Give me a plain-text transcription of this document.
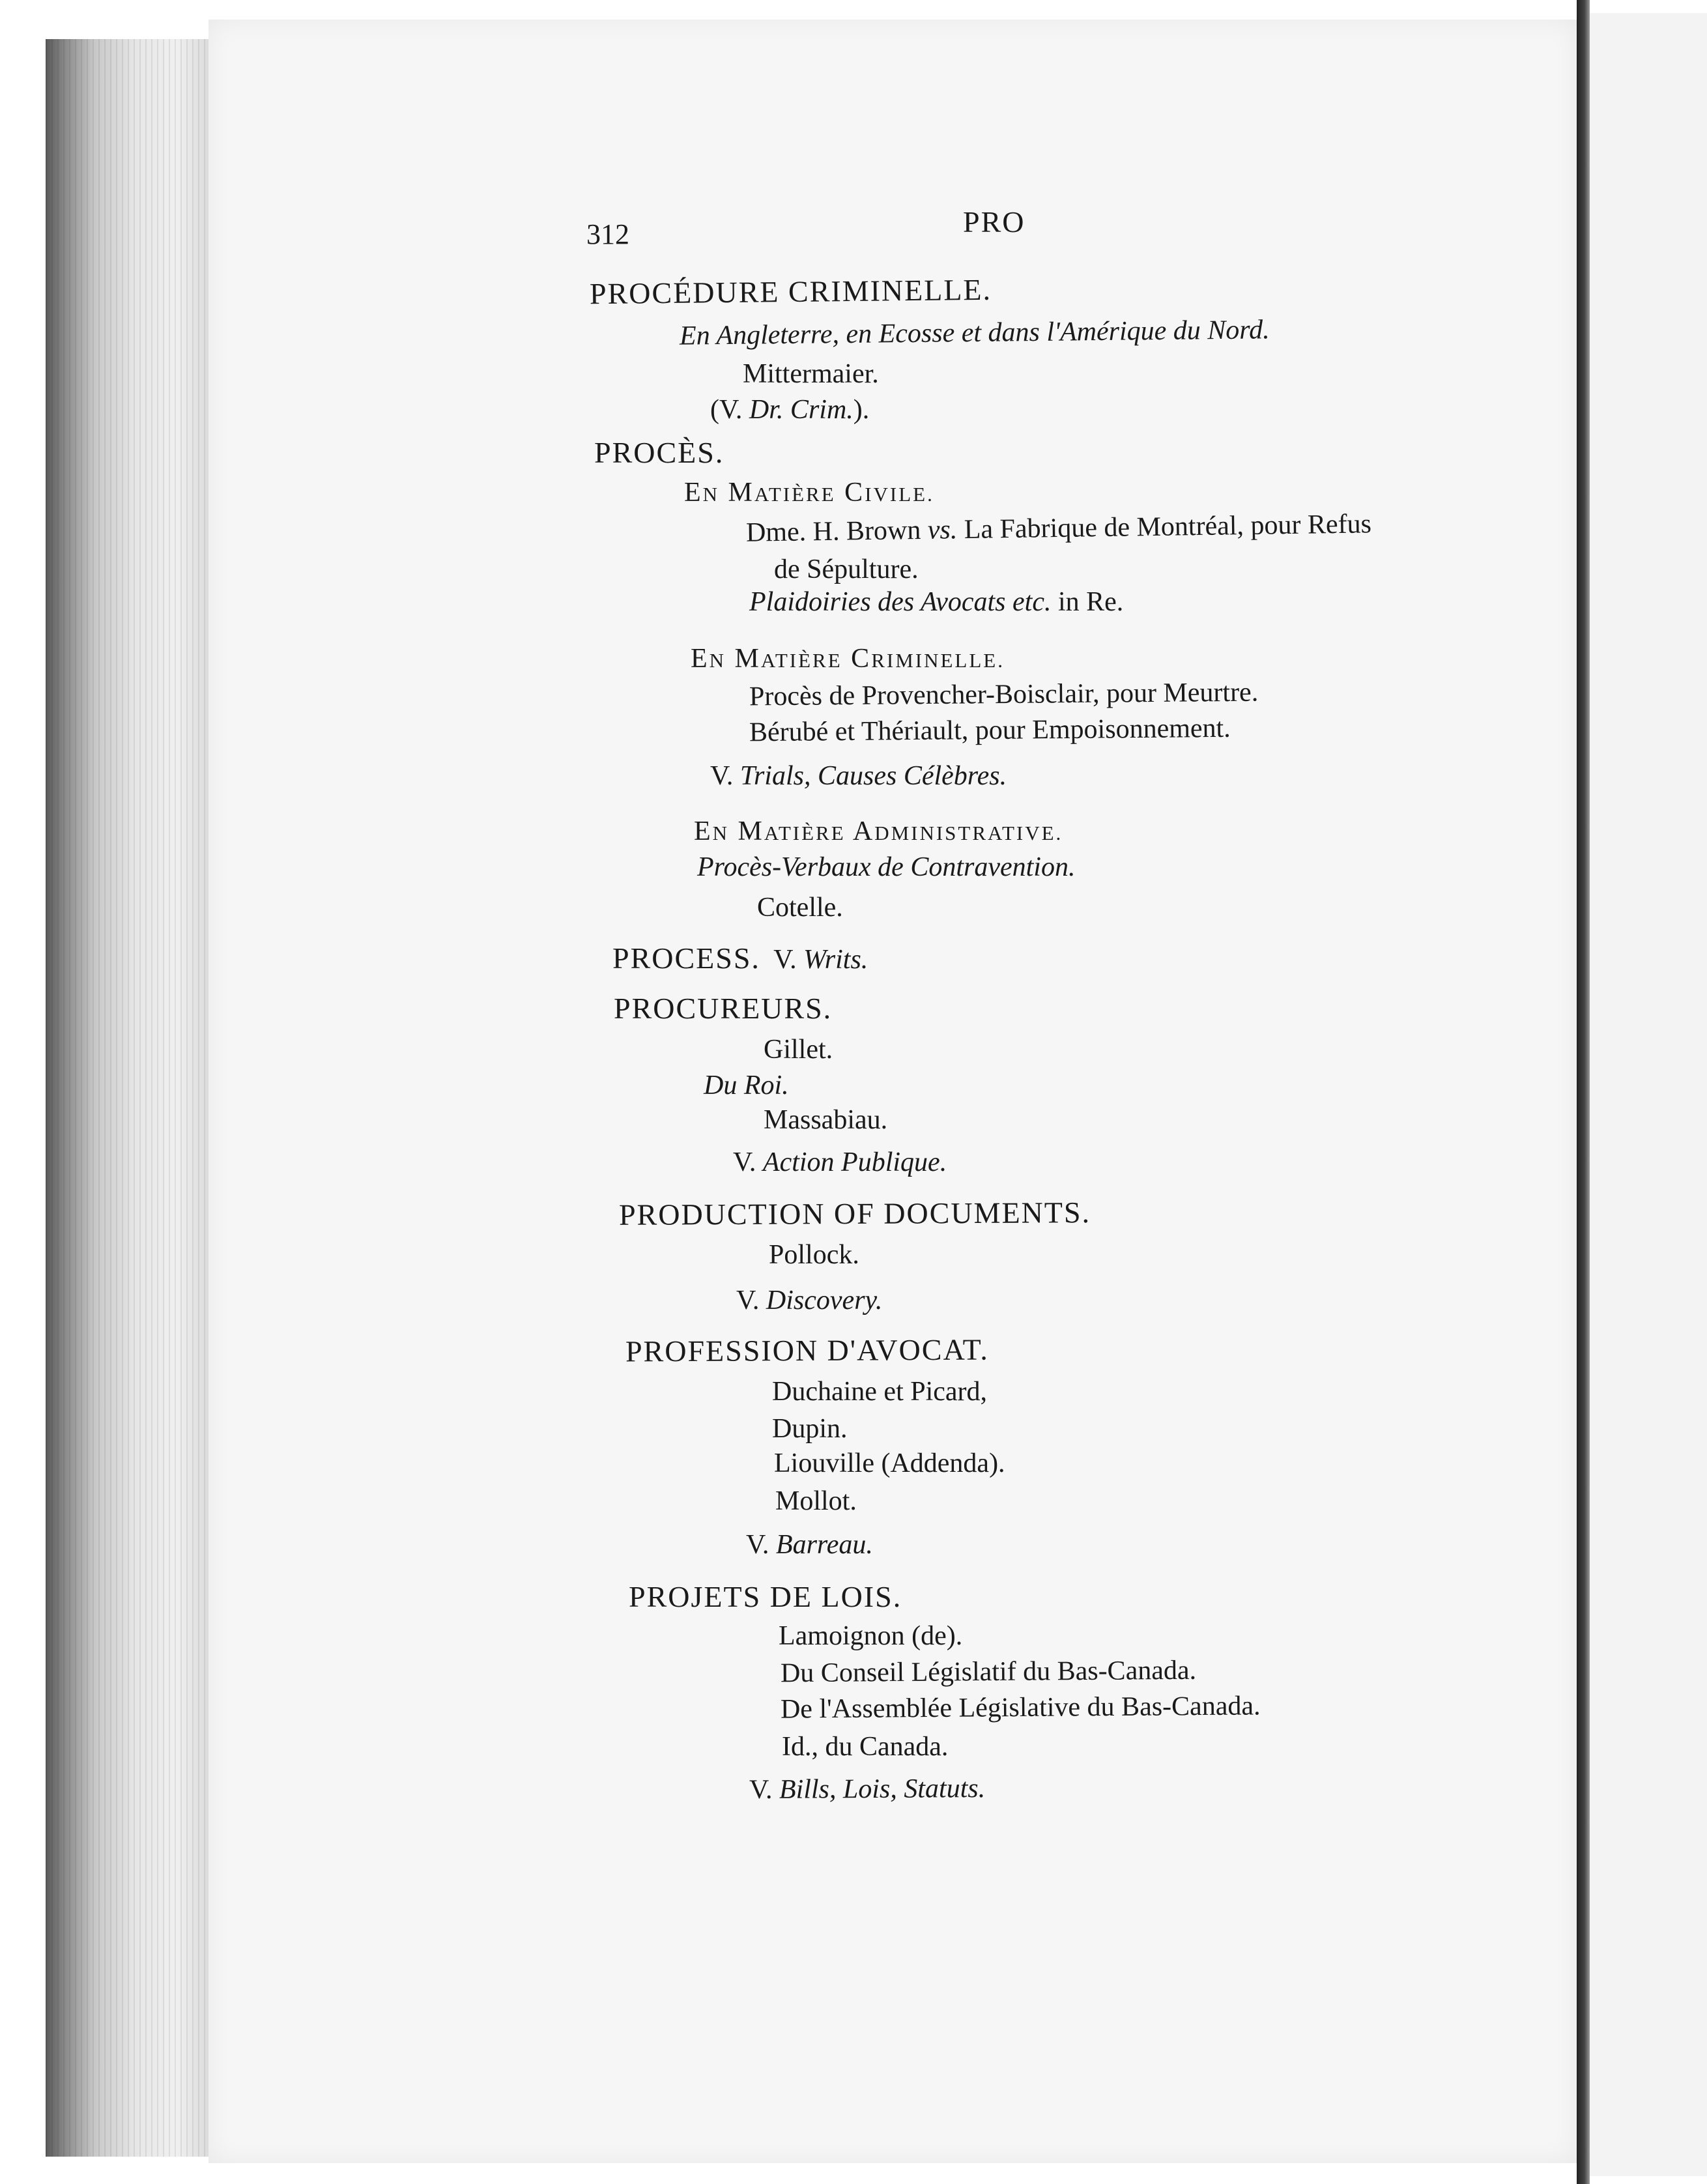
312	PRO
PROCÉDURE CRIMINELLE.
En Angleterre, en Ecosse et dans l'Amérique du Nord.
Mittermaier.
(V. Dr. Crim.).
PROCÈS.
EN MATIÈRE CIVILE.
Dme. H. Brown vs. La Fabrique de Montréal, pour Refus
de Sépulture.
Plaidoiries des Avocats etc. in Re.
EN MATIÈRE CRIMINELLE.
Procès de Provencher-Boisclair, pour Meurtre.
Bérubé et Thériault, pour Empoisonnement.
V. Trials, Causes Célèbres.
EN MATIÈRE ADMINISTRATIVE.
Procès-Verbaux de Contravention.
Cotelle.
PROCESS.  V. Writs.
PROCUREURS.
Gillet.
Du Roi.
Massabiau.
V. Action Publique.
PRODUCTION OF DOCUMENTS.
Pollock.
V. Discovery.
PROFESSION D'AVOCAT.
Duchaine et Picard,
Dupin.
Liouville (Addenda).
Mollot.
V. Barreau.
PROJETS DE LOIS.
Lamoignon (de).
Du Conseil Législatif du Bas-Canada.
De l'Assemblée Législative du Bas-Canada.
Id., du Canada.
V. Bills, Lois, Statuts.
